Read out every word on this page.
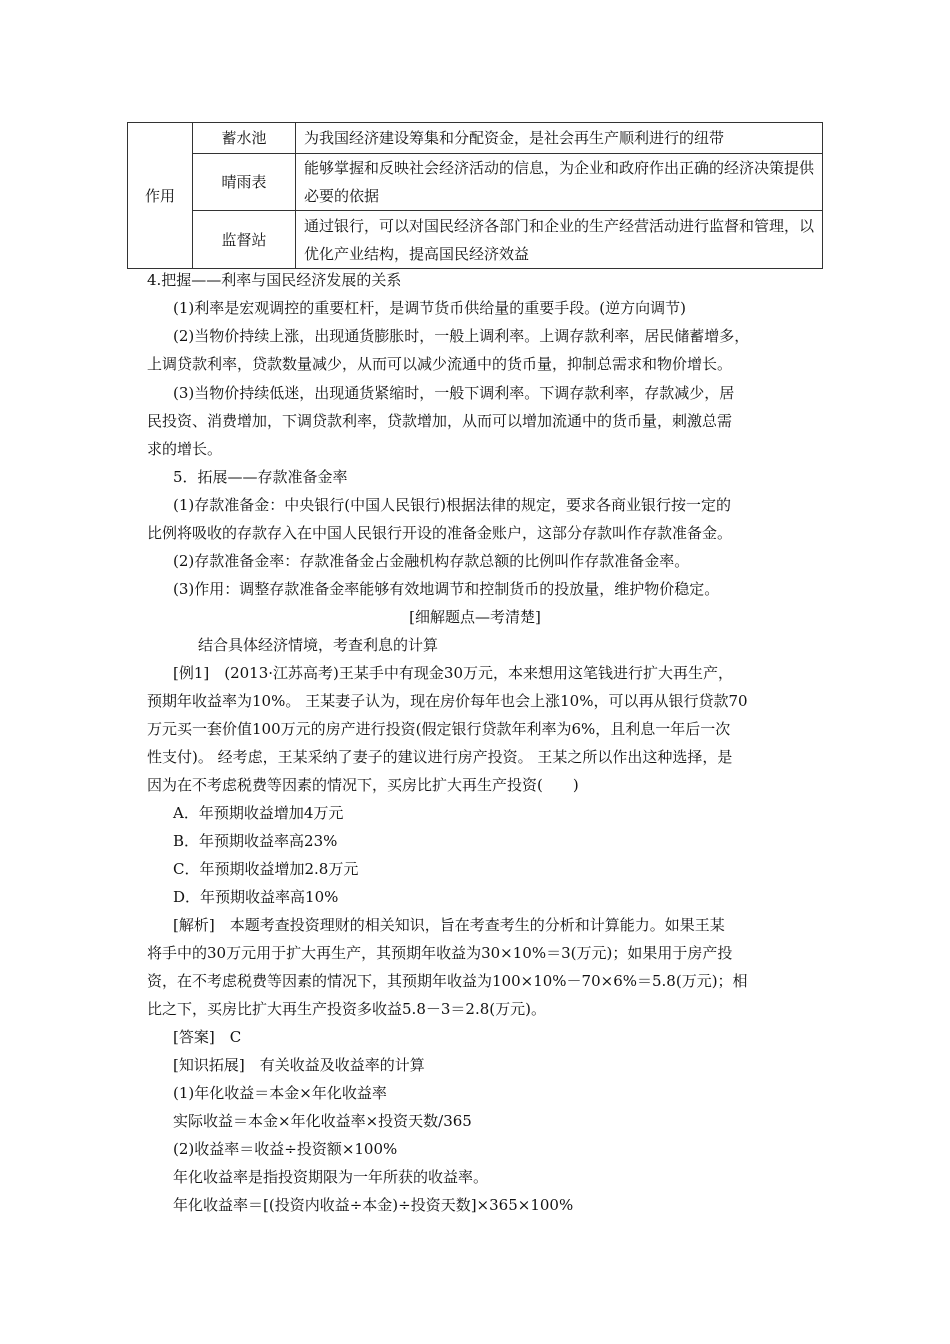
作用	蓄水池	为我国经济建设筹集和分配资金，是社会再生产顺利进行的纽带
	晴雨表	能够掌握和反映社会经济活动的信息，为企业和政府作出正确的经济决策提供必要的依据
	监督站	通过银行，可以对国民经济各部门和企业的生产经营活动进行监督和管理，以优化产业结构，提高国民经济效益
4.把握——利率与国民经济发展的关系
(1)利率是宏观调控的重要杠杆，是调节货币供给量的重要手段。(逆方向调节)
(2)当物价持续上涨，出现通货膨胀时，一般上调利率。上调存款利率，居民储蓄增多，
上调贷款利率，贷款数量减少，从而可以减少流通中的货币量，抑制总需求和物价增长。
(3)当物价持续低迷，出现通货紧缩时，一般下调利率。下调存款利率，存款减少，居
民投资、消费增加，下调贷款利率，贷款增加，从而可以增加流通中的货币量，刺激总需
求的增长。
5．拓展——存款准备金率
(1)存款准备金：中央银行(中国人民银行)根据法律的规定，要求各商业银行按一定的
比例将吸收的存款存入在中国人民银行开设的准备金账户，这部分存款叫作存款准备金。
(2)存款准备金率：存款准备金占金融机构存款总额的比例叫作存款准备金率。
(3)作用：调整存款准备金率能够有效地调节和控制货币的投放量，维护物价稳定。
[细解题点—考清楚]
结合具体经济情境，考查利息的计算
[例1]　(2013·江苏高考)王某手中有现金30万元，本来想用这笔钱进行扩大再生产，
预期年收益率为10%。 王某妻子认为，现在房价每年也会上涨10%，可以再从银行贷款70
万元买一套价值100万元的房产进行投资(假定银行贷款年利率为6%，且利息一年后一次
性支付)。 经考虑，王某采纳了妻子的建议进行房产投资。 王某之所以作出这种选择，是
因为在不考虑税费等因素的情况下，买房比扩大再生产投资(　　)
A．年预期收益增加4万元
B．年预期收益率高23%
C．年预期收益增加2.8万元
D．年预期收益率高10%
[解析]　本题考查投资理财的相关知识，旨在考查考生的分析和计算能力。如果王某
将手中的30万元用于扩大再生产，其预期年收益为30×10%＝3(万元)；如果用于房产投
资，在不考虑税费等因素的情况下，其预期年收益为100×10%－70×6%＝5.8(万元)；相
比之下，买房比扩大再生产投资多收益5.8－3＝2.8(万元)。
[答案]　C
[知识拓展]　有关收益及收益率的计算
(1)年化收益＝本金×年化收益率
实际收益＝本金×年化收益率×投资天数/365
(2)收益率＝收益÷投资额×100%
年化收益率是指投资期限为一年所获的收益率。
年化收益率＝[(投资内收益÷本金)÷投资天数]×365×100%
